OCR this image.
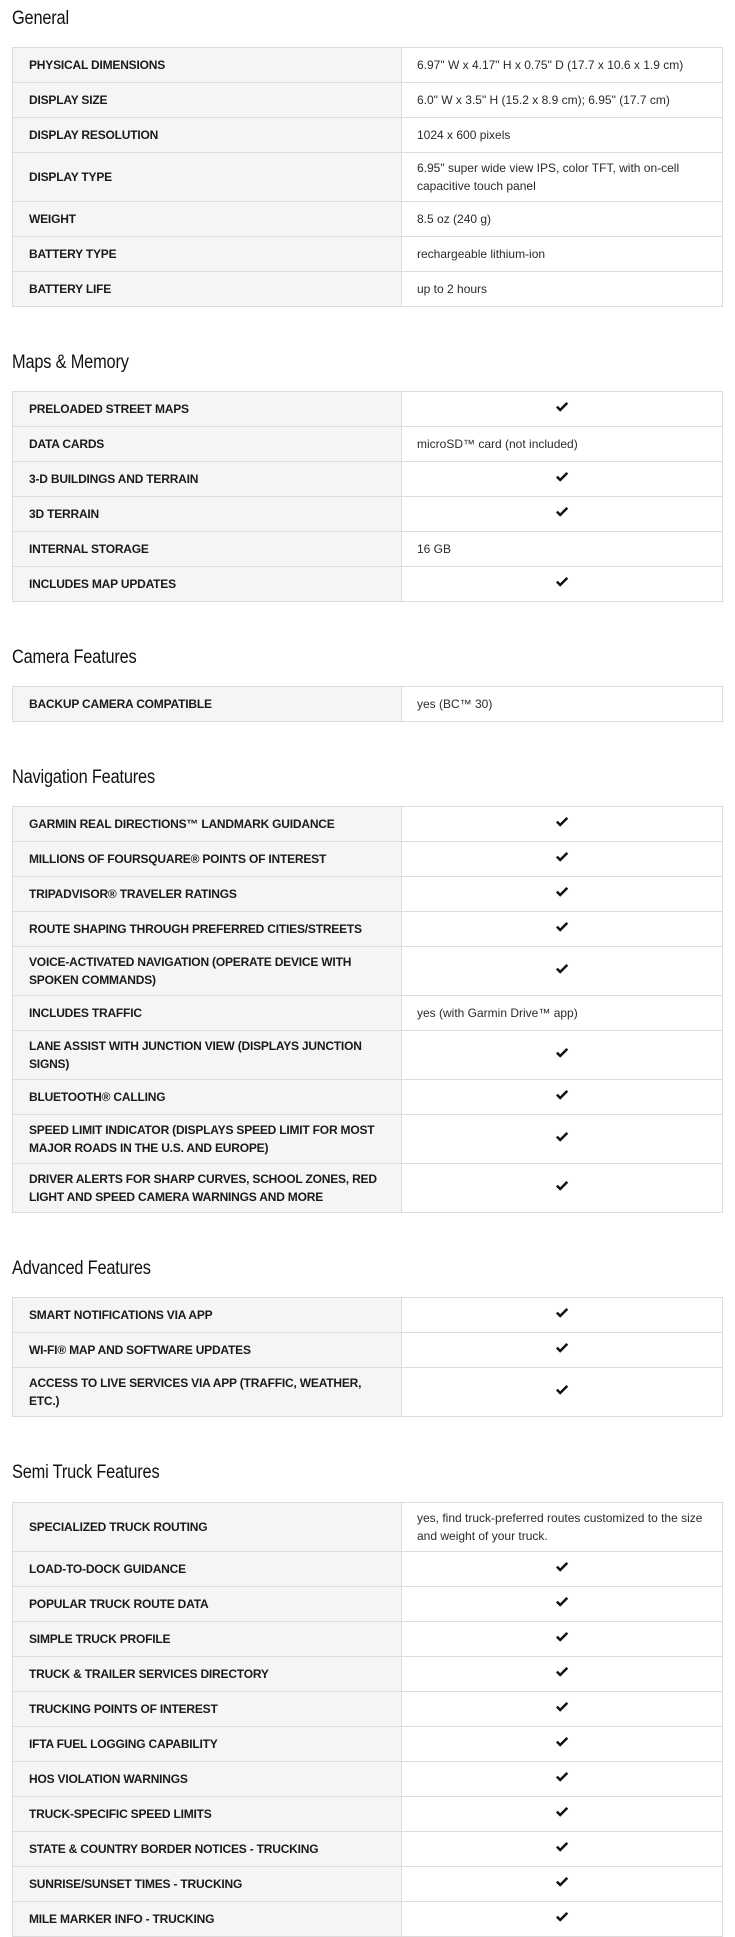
General
PHYSICAL DIMENSIONS	6.97" W x 4.17" H x 0.75" D (17.7 x 10.6 x 1.9 cm)
DISPLAY SIZE	6.0" W x 3.5" H (15.2 x 8.9 cm); 6.95" (17.7 cm)
DISPLAY RESOLUTION	1024 x 600 pixels
DISPLAY TYPE	6.95" super wide view IPS, color TFT, with on-cell capacitive touch panel
WEIGHT	8.5 oz (240 g)
BATTERY TYPE	rechargeable lithium-ion
BATTERY LIFE	up to 2 hours
Maps & Memory
PRELOADED STREET MAPS	
DATA CARDS	microSD™ card (not included)
3-D BUILDINGS AND TERRAIN	
3D TERRAIN	
INTERNAL STORAGE	16 GB
INCLUDES MAP UPDATES	
Camera Features
BACKUP CAMERA COMPATIBLE	yes (BC™ 30)
Navigation Features
GARMIN REAL DIRECTIONS™ LANDMARK GUIDANCE	
MILLIONS OF FOURSQUARE® POINTS OF INTEREST	
TRIPADVISOR® TRAVELER RATINGS	
ROUTE SHAPING THROUGH PREFERRED CITIES/STREETS	
VOICE-ACTIVATED NAVIGATION (OPERATE DEVICE WITH SPOKEN COMMANDS)	
INCLUDES TRAFFIC	yes (with Garmin Drive™ app)
LANE ASSIST WITH JUNCTION VIEW (DISPLAYS JUNCTION SIGNS)	
BLUETOOTH® CALLING	
SPEED LIMIT INDICATOR (DISPLAYS SPEED LIMIT FOR MOST MAJOR ROADS IN THE U.S. AND EUROPE)	
DRIVER ALERTS FOR SHARP CURVES, SCHOOL ZONES, RED LIGHT AND SPEED CAMERA WARNINGS AND MORE	
Advanced Features
SMART NOTIFICATIONS VIA APP	
WI-FI® MAP AND SOFTWARE UPDATES	
ACCESS TO LIVE SERVICES VIA APP (TRAFFIC, WEATHER, ETC.)	
Semi Truck Features
SPECIALIZED TRUCK ROUTING	yes, find truck-preferred routes customized to the size and weight of your truck.
LOAD-TO-DOCK GUIDANCE	
POPULAR TRUCK ROUTE DATA	
SIMPLE TRUCK PROFILE	
TRUCK & TRAILER SERVICES DIRECTORY	
TRUCKING POINTS OF INTEREST	
IFTA FUEL LOGGING CAPABILITY	
HOS VIOLATION WARNINGS	
TRUCK-SPECIFIC SPEED LIMITS	
STATE & COUNTRY BORDER NOTICES - TRUCKING	
SUNRISE/SUNSET TIMES - TRUCKING	
MILE MARKER INFO - TRUCKING	
